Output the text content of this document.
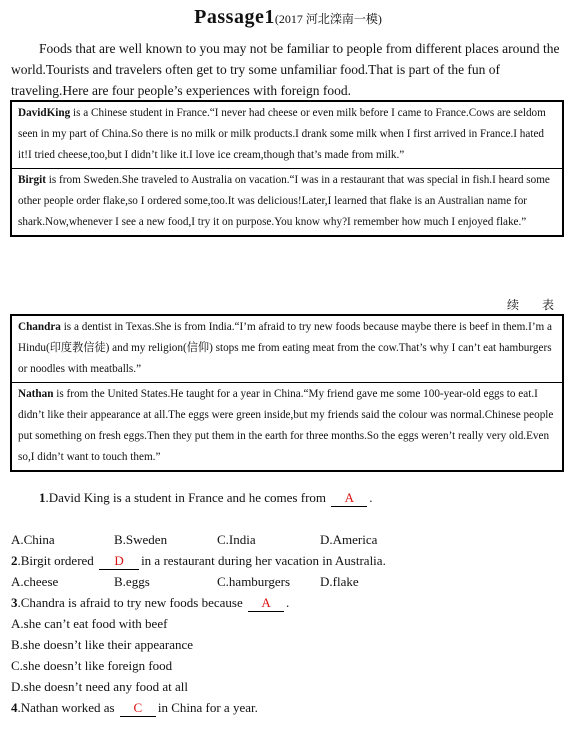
Passage1(2017 河北滦南一模)

Foods that are well known to you may not be familiar to people from different places around the world.Tourists and travelers often get to try some unfamiliar food.That is part of the fun of traveling.Here are four people’s experiences with foreign food.

DavidKing is a Chinese student in France.“I never had cheese or even milk before I came to France.Cows are seldom seen in my part of China.So there is no milk or milk products.I drank some milk when I first arrived in France.I hated it!I tried cheese,too,but I didn’t like it.I love ice cream,though that’s made from milk.”
Birgit is from Sweden.She traveled to Australia on vacation.“I was in a restaurant that was special in fish.I heard some other people order flake,so I ordered some,too.It was delicious!Later,I learned that flake is an Australian name for shark.Now,whenever I see a new food,I try it on purpose.You know why?I remember how much I enjoyed flake.”
续 表
Chandra is a dentist in Texas.She is from India.“I’m afraid to try new foods because maybe there is beef in them.I’m a Hindu(印度教信徒) and my religion(信仰) stops me from eating meat from the cow.That’s why I can’t eat hamburgers or noodles with meatballs.”
Nathan is from the United States.He taught for a year in China.“My friend gave me some 100-year-old eggs to eat.I didn’t like their appearance at all.The eggs were green inside,but my friends said the colour was normal.Chinese people put something on fresh eggs.Then they put them in the earth for three months.So the eggs weren’t really very old.Even so,I didn’t want to touch them.”
1.David King is a student in France and he comes from A .
A.China	B.Sweden	C.India	D.America
2.Birgit ordered D in a restaurant during her vacation in Australia.
A.cheese	B.eggs	C.hamburgers D.flake
3.Chandra is afraid to try new foods because A .
A.she can’t eat food with beef
B.she doesn’t like their appearance
C.she doesn’t like foreign food
D.she doesn’t need any food at all
4.Nathan worked as C in China for a year.
